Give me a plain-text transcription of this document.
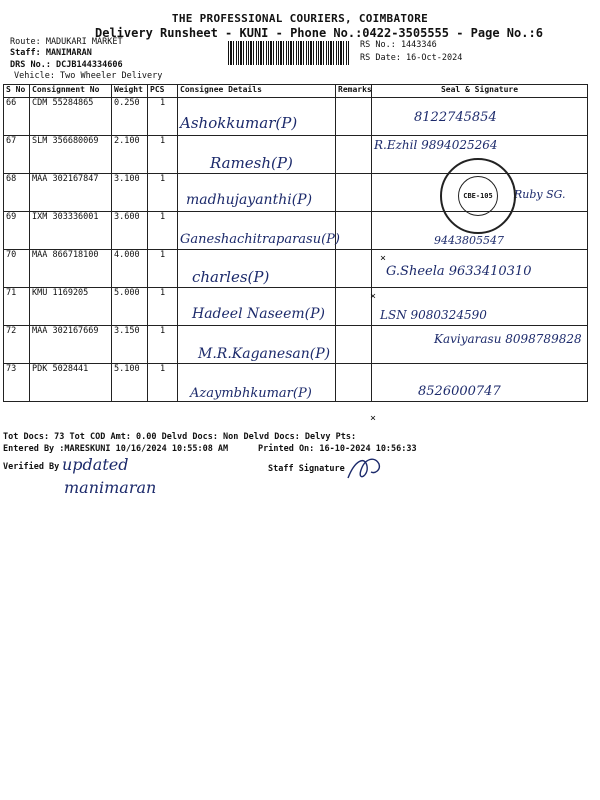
THE PROFESSIONAL COURIERS, COIMBATORE
Delivery Runsheet - KUNI - Phone No.:0422-3505555 - Page No.:6
Route: MADUKARI MARKET
Staff: MANIMARAN
DRS No.: DCJB144334606
Vehicle: Two Wheeler Delivery
RS No.: 1443346
RS Date: 16-Oct-2024
S No	Consignment No	Weight	PCS	Consignee Details	Remarks	Seal & Signature
66	CDM 55284865	0.250	1	Ashokkumar(P)		8122745854

67	SLM 356680069	2.100	1	Ramesh(P)		R.Ezhil 9894025264

68	MAA 302167847	3.100	1	madhujayanthi(P)		Ruby SG.

69	IXM 303336001	3.600	1	Ganeshachitraparasu(P)		9443805547

70	MAA 866718100	4.000	1	charles(P)		G.Sheela 9633410310

71	KMU 1169205	5.000	1	Hadeel Naseem(P)		LSN 9080324590

72	MAA 302167669	3.150	1	M.R.Kaganesan(P)		Kaviyarasu 8098789828

73	PDK 5028441	5.100	1	Azaymbhkumar(P)		8526000747
×
×
×
CBE-105
Tot Docs: 73 Tot COD Amt: 0.00 Delvd Docs: Non Delvd Docs: Delvy Pts:
Entered By :MARESKUNI 10/16/2024 10:55:08 AM	Printed On: 16-10-2024 10:56:33
Verified By updated
manimaran
Staff Signature
